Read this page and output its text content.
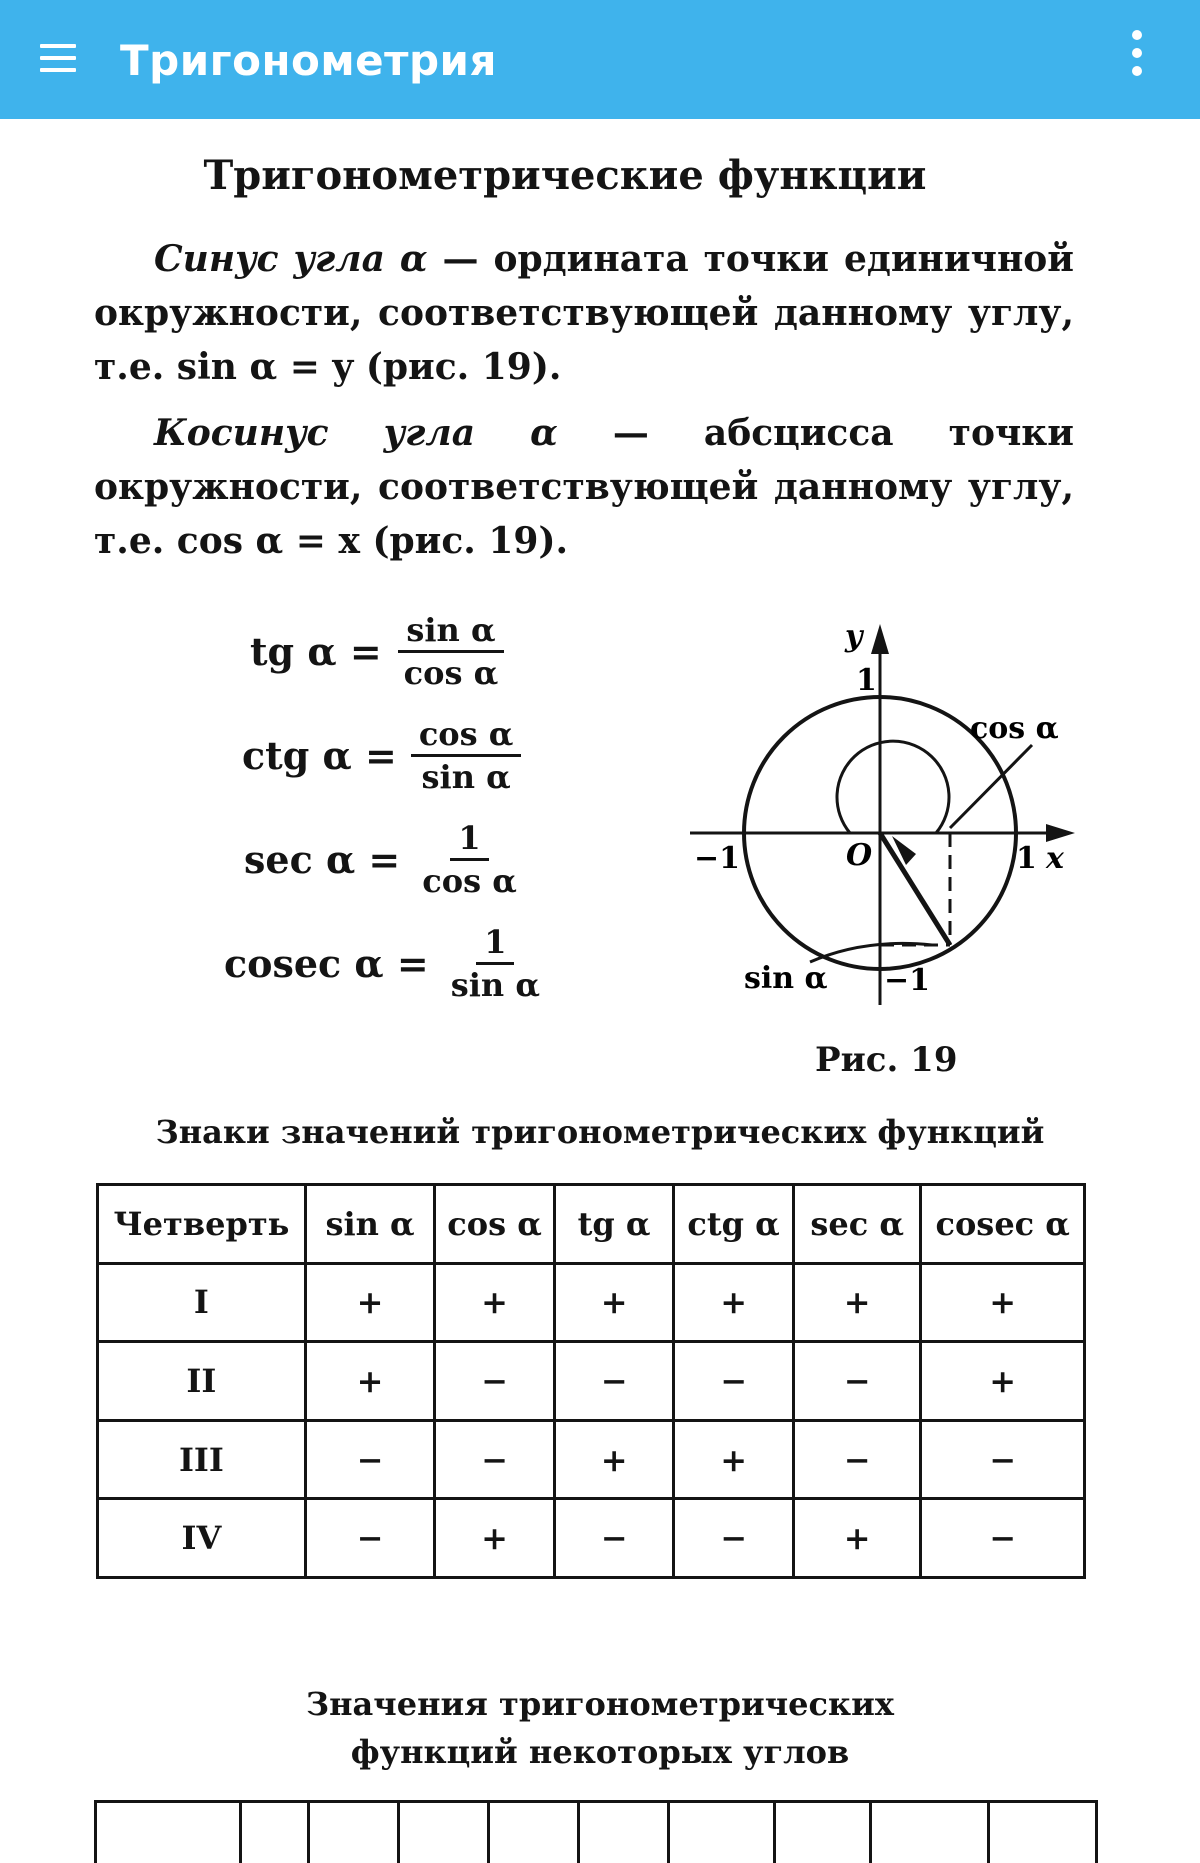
Тригонометрия
Тригонометрические функции
Синус угла α — ордината точки единичной окружности, соответствующей данному углу, т.е. sin α = y (рис. 19).
Косинус угла α — абсцисса точки окружности, соответствующей данному углу, т.е. cos α = x (рис. 19).
tg $\alpha = \frac{\text{sin α}}{\text{cos α}}$
ctg $\alpha = \frac{\text{cos α}}{\text{sin α}}$
$\sec \alpha = \frac{1}{\text{cos α}}$
cosec $\alpha = \frac{1}{\text{sin α}}$
y
1
cos α
−1	O	1 x
sin α −1
Рис. 19
Знаки значений тригонометрических функций
Четверть	sin α	cos α	tg α	ctg α	sec α	cosec α
I	+	+	+	+	+	+
II	+	−	−	−	−	+
III	−	−	+	+	−	−
IV	−	+	−	−	+	−
Значения тригонометрических
функций некоторых углов
